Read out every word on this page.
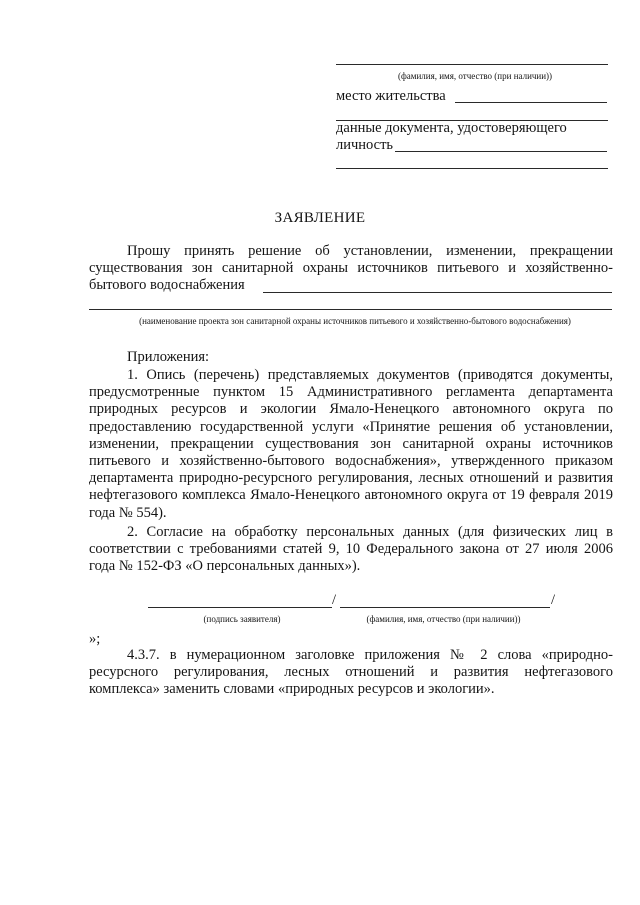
(фамилия, имя, отчество (при наличии))
место жительства
данные документа, удостоверяющего
личность
ЗАЯВЛЕНИЕ
Прошу принять решение об установлении, изменении, прекращении существования зон санитарной охраны источников питьевого и хозяйственно-бытового водоснабжения
(наименование проекта зон санитарной охраны источников питьевого и хозяйственно-бытового водоснабжения)
Приложения:
1. Опись (перечень) представляемых документов (приводятся документы, предусмотренные пунктом 15 Административного регламента департамента природных ресурсов и экологии Ямало-Ненецкого автономного округа по предоставлению государственной услуги «Принятие решения об установлении, изменении, прекращении существования зон санитарной охраны источников питьевого и хозяйственно-бытового водоснабжения», утвержденного приказом департамента природно-ресурсного регулирования, лесных отношений и развития нефтегазового комплекса Ямало-Ненецкого автономного округа от 19 февраля 2019 года № 554).
2. Согласие на обработку персональных данных (для физических лиц в соответствии с требованиями статей 9, 10 Федерального закона от 27 июля 2006 года № 152-ФЗ «О персональных данных»).
/	/
(подпись заявителя)	(фамилия, имя, отчество (при наличии))
»;
4.3.7. в нумерационном заголовке приложения № 2 слова «природно-ресурсного регулирования, лесных отношений и развития нефтегазового комплекса» заменить словами «природных ресурсов и экологии».
